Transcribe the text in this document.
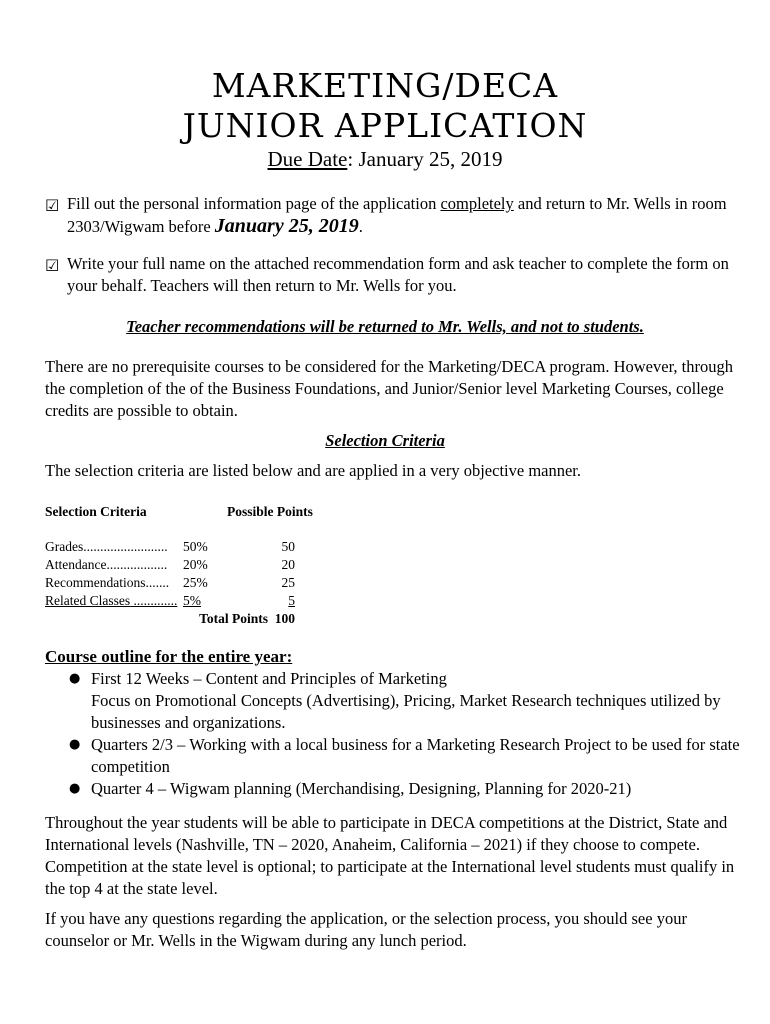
MARKETING/DECA
JUNIOR APPLICATION
Due Date: January 25, 2019
☑ Fill out the personal information page of the application completely and return to Mr. Wells in room 2303/Wigwam before January 25, 2019.
☑ Write your full name on the attached recommendation form and ask teacher to complete the form on your behalf. Teachers will then return to Mr. Wells for you.
Teacher recommendations will be returned to Mr. Wells, and not to students.
There are no prerequisite courses to be considered for the Marketing/DECA program. However, through the completion of the of the Business Foundations, and Junior/Senior level Marketing Courses, college credits are possible to obtain.
Selection Criteria
The selection criteria are listed below and are applied in a very objective manner.
Selection Criteria	Possible Points
Grades......................... 50%	50
Attendance.................. 20%	20
Recommendations....... 25%	25
Related Classes ............. 5%	5
Total Points 100
Course outline for the entire year:
● First 12 Weeks – Content and Principles of Marketing
Focus on Promotional Concepts (Advertising), Pricing, Market Research techniques utilized by businesses and organizations.
● Quarters 2/3 – Working with a local business for a Marketing Research Project to be used for state competition
● Quarter 4 – Wigwam planning (Merchandising, Designing, Planning for 2020-21)
Throughout the year students will be able to participate in DECA competitions at the District, State and International levels (Nashville, TN – 2020, Anaheim, California – 2021) if they choose to compete. Competition at the state level is optional; to participate at the International level students must qualify in the top 4 at the state level.
If you have any questions regarding the application, or the selection process, you should see your counselor or Mr. Wells in the Wigwam during any lunch period.
